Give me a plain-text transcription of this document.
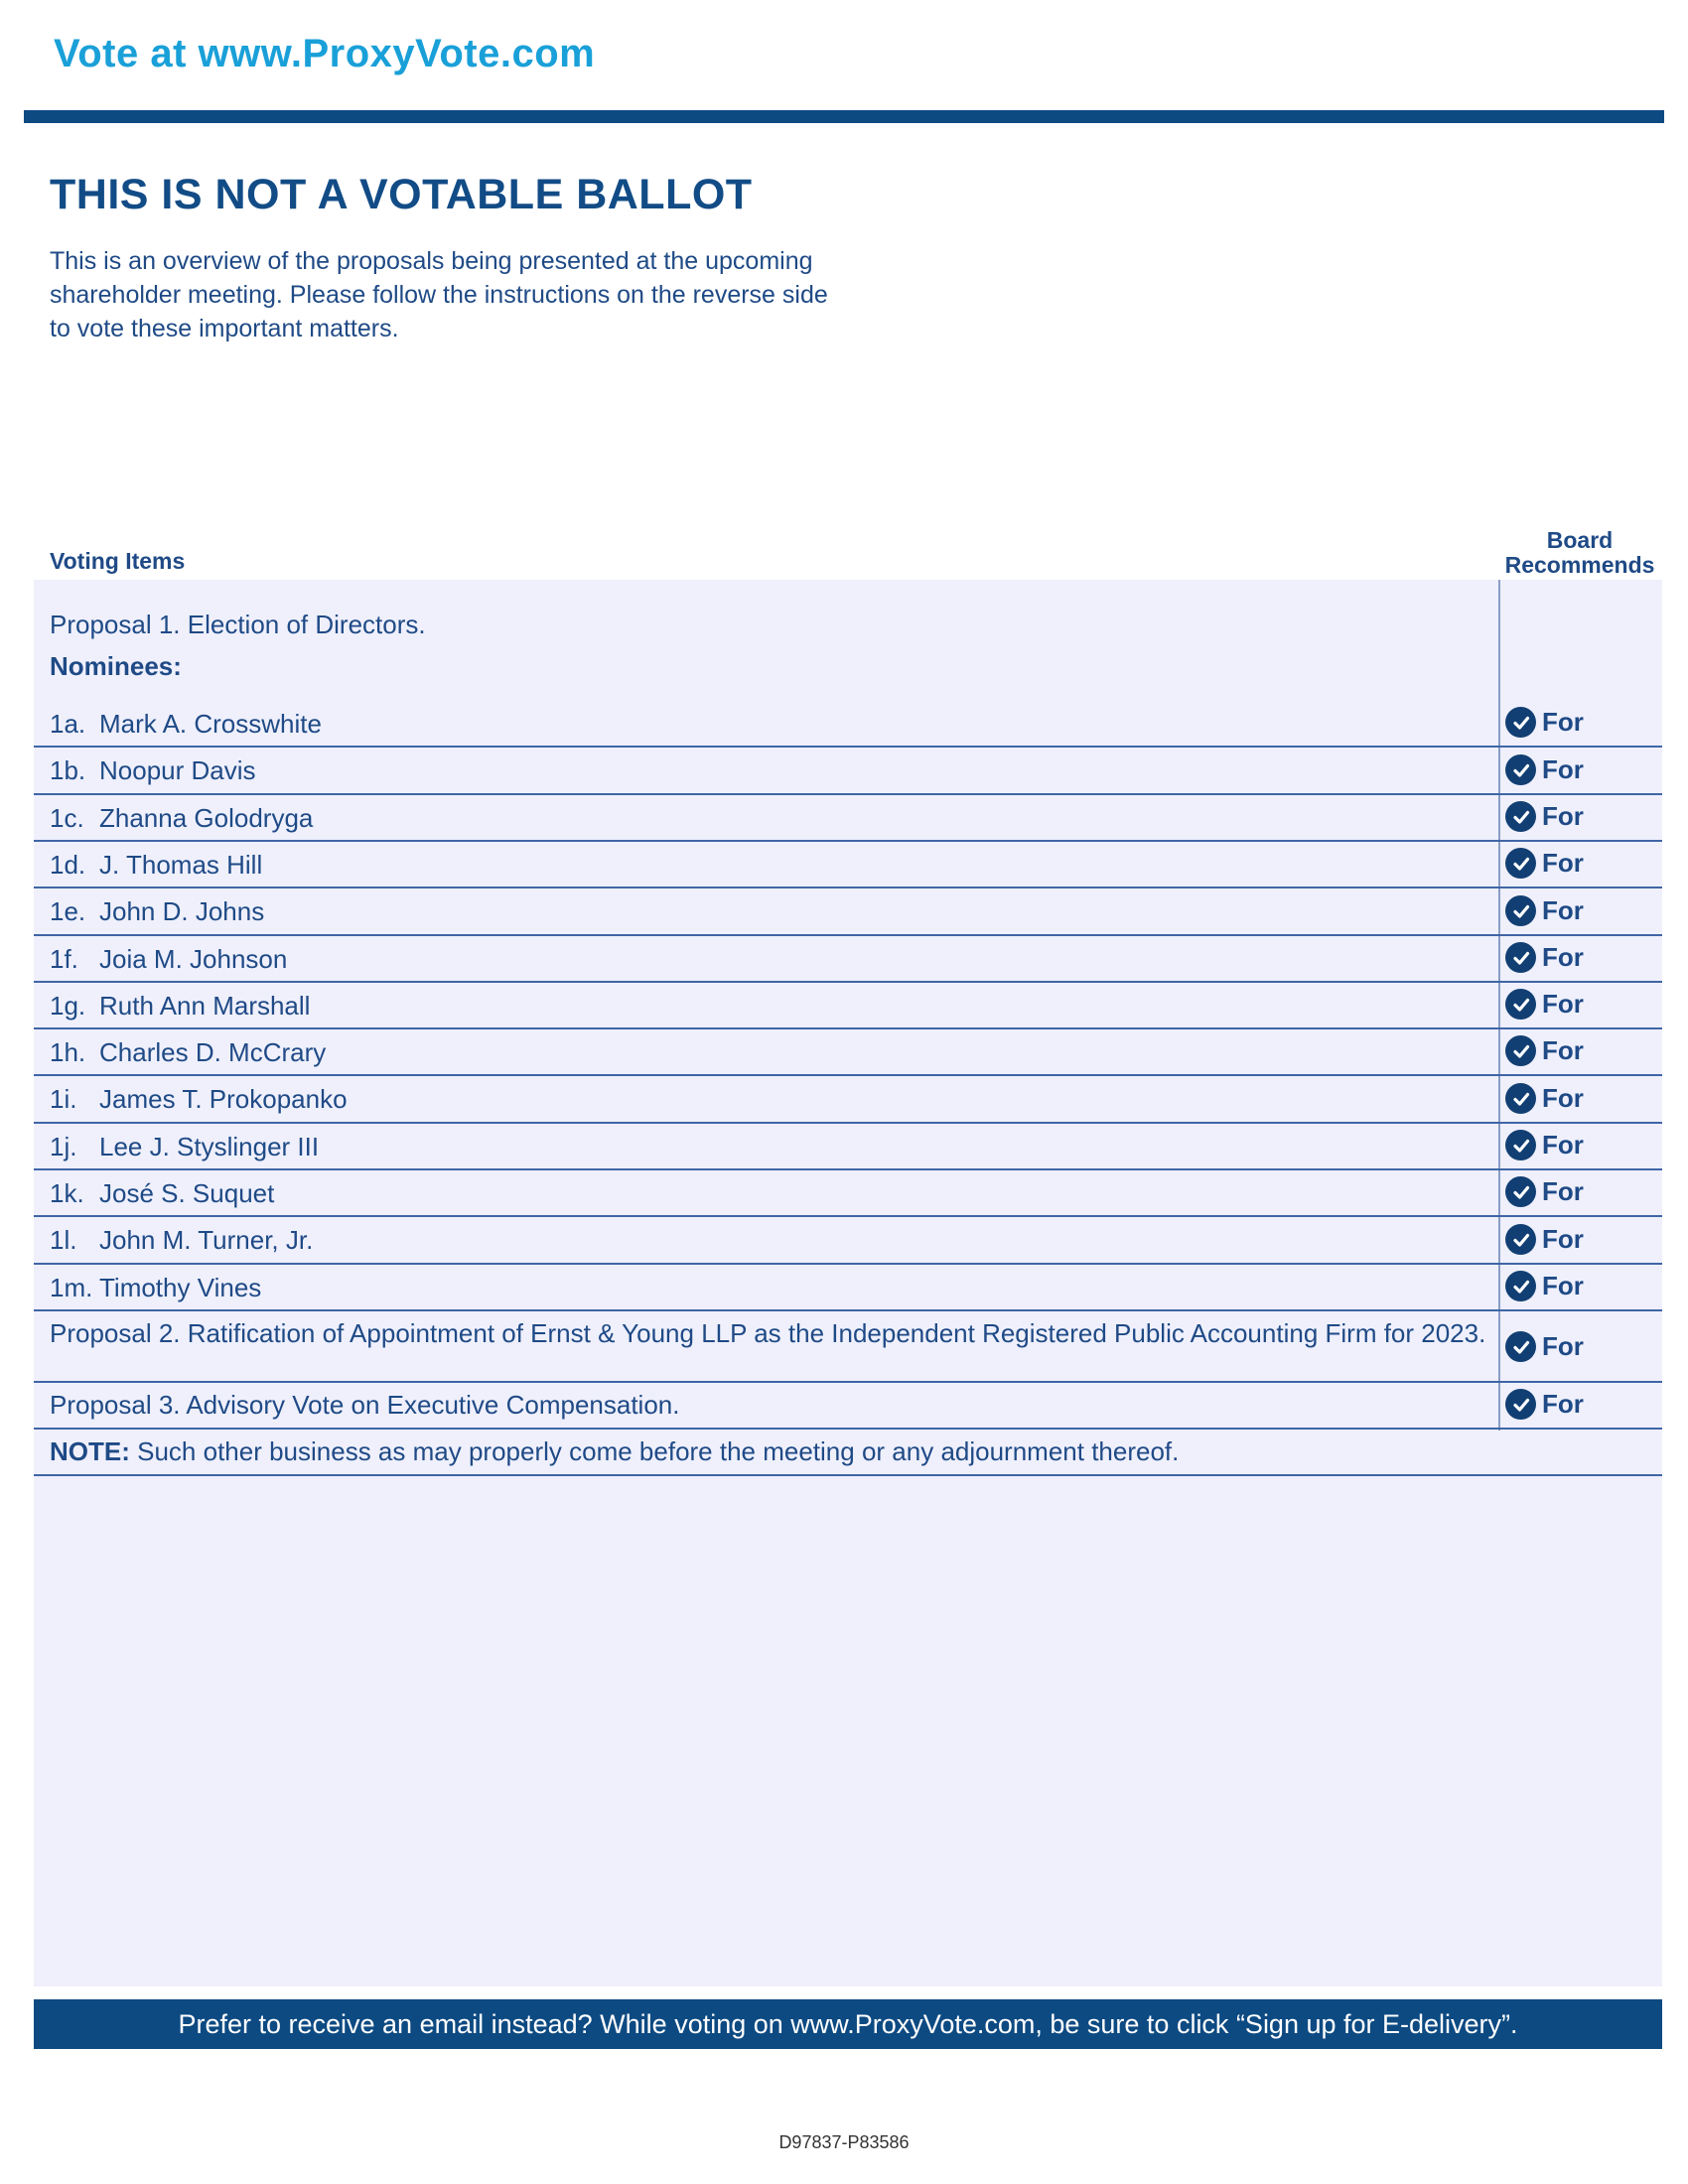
Vote at www.ProxyVote.com
THIS IS NOT A VOTABLE BALLOT
This is an overview of the proposals being presented at the upcoming shareholder meeting. Please follow the instructions on the reverse side to vote these important matters.
Voting Items
Board
Recommends
Proposal 1. Election of Directors.
Nominees:
1a. Mark A. Crosswhite	For
1b. Noopur Davis	For
1c. Zhanna Golodryga	For
1d. J. Thomas Hill	For
1e. John D. Johns	For
1f. Joia M. Johnson	For
1g. Ruth Ann Marshall	For
1h. Charles D. McCrary	For
1i. James T. Prokopanko	For
1j. Lee J. Styslinger III	For
1k. José S. Suquet	For
1l. John M. Turner, Jr.	For
1m. Timothy Vines	For
Proposal 2. Ratification of Appointment of Ernst & Young LLP as the Independent Registered Public Accounting Firm for 2023.	For
Proposal 3. Advisory Vote on Executive Compensation.	For
NOTE: Such other business as may properly come before the meeting or any adjournment thereof.
Prefer to receive an email instead? While voting on www.ProxyVote.com, be sure to click “Sign up for E-delivery”.
D97837-P83586
